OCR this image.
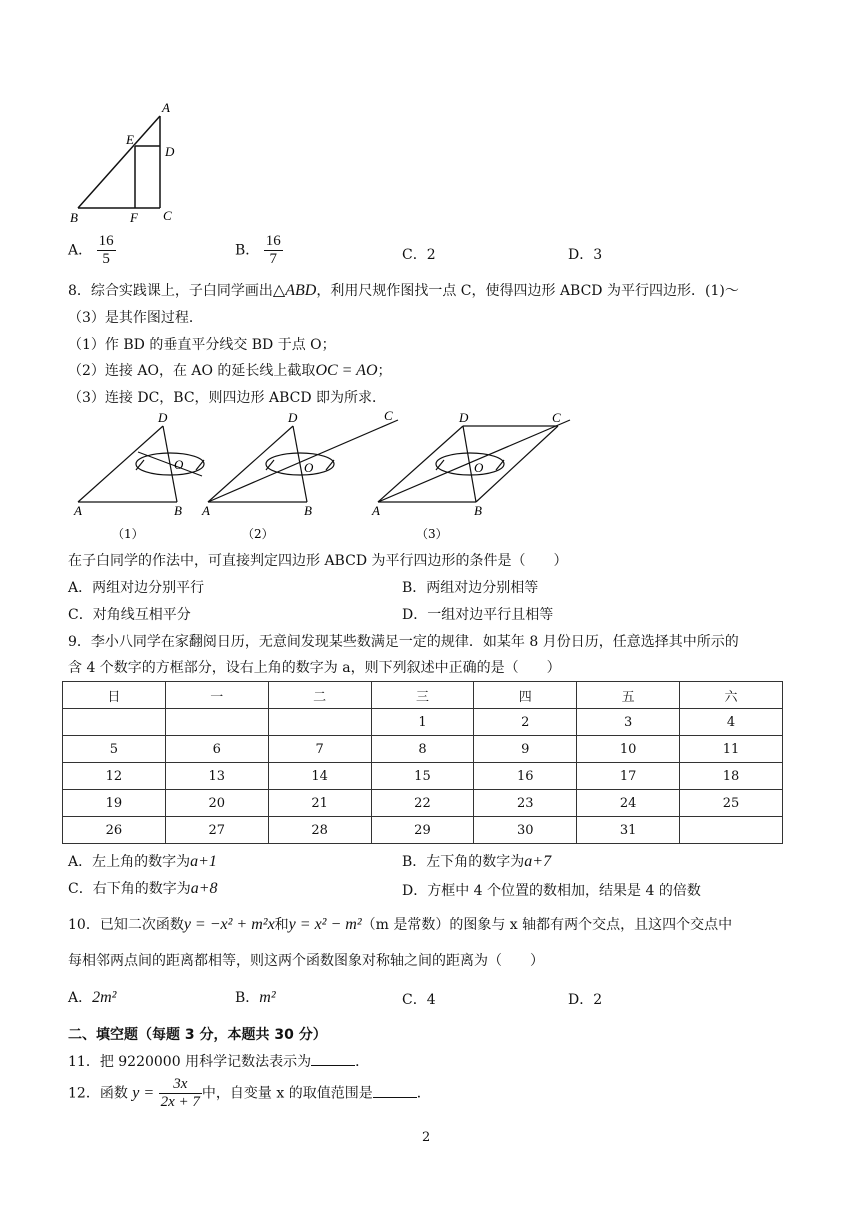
A
E
D
B	F C
A． $\frac{16}{5}$	B． $\frac{16}{7}$	C．2	D．3
8．综合实践课上，子白同学画出△ABD，利用尺规作图找一点 C，使得四边形 ABCD 为平行四边形．(1)～
（3）是其作图过程．
（1）作 BD 的垂直平分线交 BD 于点 O；
（2）连接 AO，在 AO 的延长线上截取OC = AO；
（3）连接 DC，BC，则四边形 ABCD 即为所求．
D
O
A	B
D
O
A	B
C	D
O
A	B
C
（1）	（2）	（3）
在子白同学的作法中，可直接判定四边形 ABCD 为平行四边形的条件是（　　）
A．两组对边分别平行	B．两组对边分别相等
C．对角线互相平分	D．一组对边平行且相等
9．李小八同学在家翻阅日历，无意间发现某些数满足一定的规律．如某年 8 月份日历，任意选择其中所示的
含 4 个数字的方框部分，设右上角的数字为 a，则下列叙述中正确的是（　　）
日	一	二	三	四	五	六
			1	2	3	4
5	6	7	8	9	10	11
12	13	14	15	16	17	18
19	20	21	22	23	24	25
26	27	28	29	30	31	
A．左上角的数字为a+1	B．左下角的数字为a+7
C．右下角的数字为a+8	D．方框中 4 个位置的数相加，结果是 4 的倍数
10．已知二次函数y = −x² + m²x和y = x² − m²（m 是常数）的图象与 x 轴都有两个交点，且这四个交点中
每相邻两点间的距离都相等，则这两个函数图象对称轴之间的距离为（　　）
A．2m²	B．m²	C．4	D．2
二、填空题（每题 3 分，本题共 30 分）
11．把 9220000 用科学记数法表示为	．
12．函数 $y = \frac{3x}{2x + 7}$ 中，自变量 x 的取值范围是	．
2
